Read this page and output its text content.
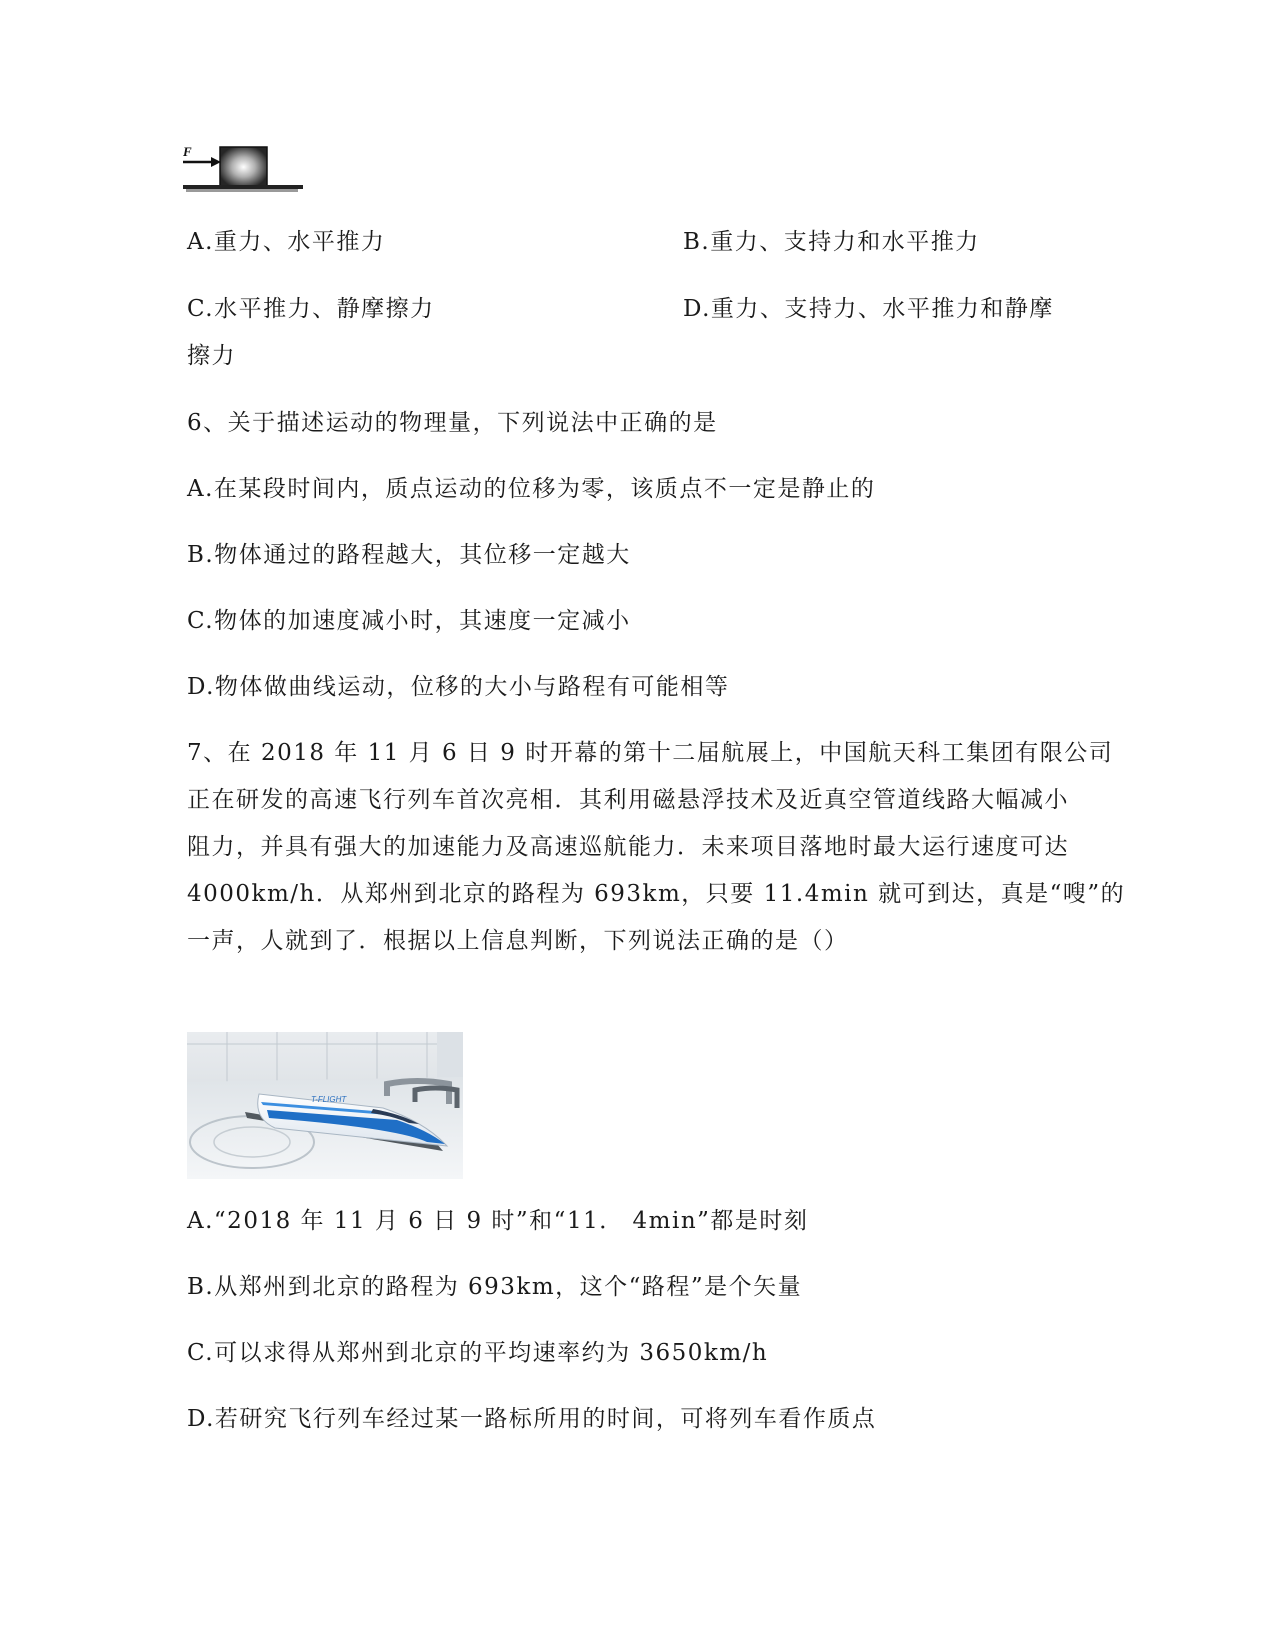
F
A.重力、水平推力	B.重力、支持力和水平推力
C.水平推力、静摩擦力	D.重力、支持力、水平推力和静摩
擦力
6、关于描述运动的物理量，下列说法中正确的是
A.在某段时间内，质点运动的位移为零，该质点不一定是静止的
B.物体通过的路程越大，其位移一定越大
C.物体的加速度减小时，其速度一定减小
D.物体做曲线运动，位移的大小与路程有可能相等
7、在 2018 年 11 月 6 日 9 时开幕的第十二届航展上，中国航天科工集团有限公司
正在研发的高速飞行列车首次亮相．其利用磁悬浮技术及近真空管道线路大幅减小
阻力，并具有强大的加速能力及高速巡航能力．未来项目落地时最大运行速度可达
4000km/h．从郑州到北京的路程为 693km，只要 11.4min 就可到达，真是“嗖”的
一声，人就到了．根据以上信息判断，下列说法正确的是（）
T-FLIGHT
A.“2018 年 11 月 6 日 9 时”和“11． 4min”都是时刻
B.从郑州到北京的路程为 693km，这个“路程”是个矢量
C.可以求得从郑州到北京的平均速率约为 3650km/h
D.若研究飞行列车经过某一路标所用的时间，可将列车看作质点
